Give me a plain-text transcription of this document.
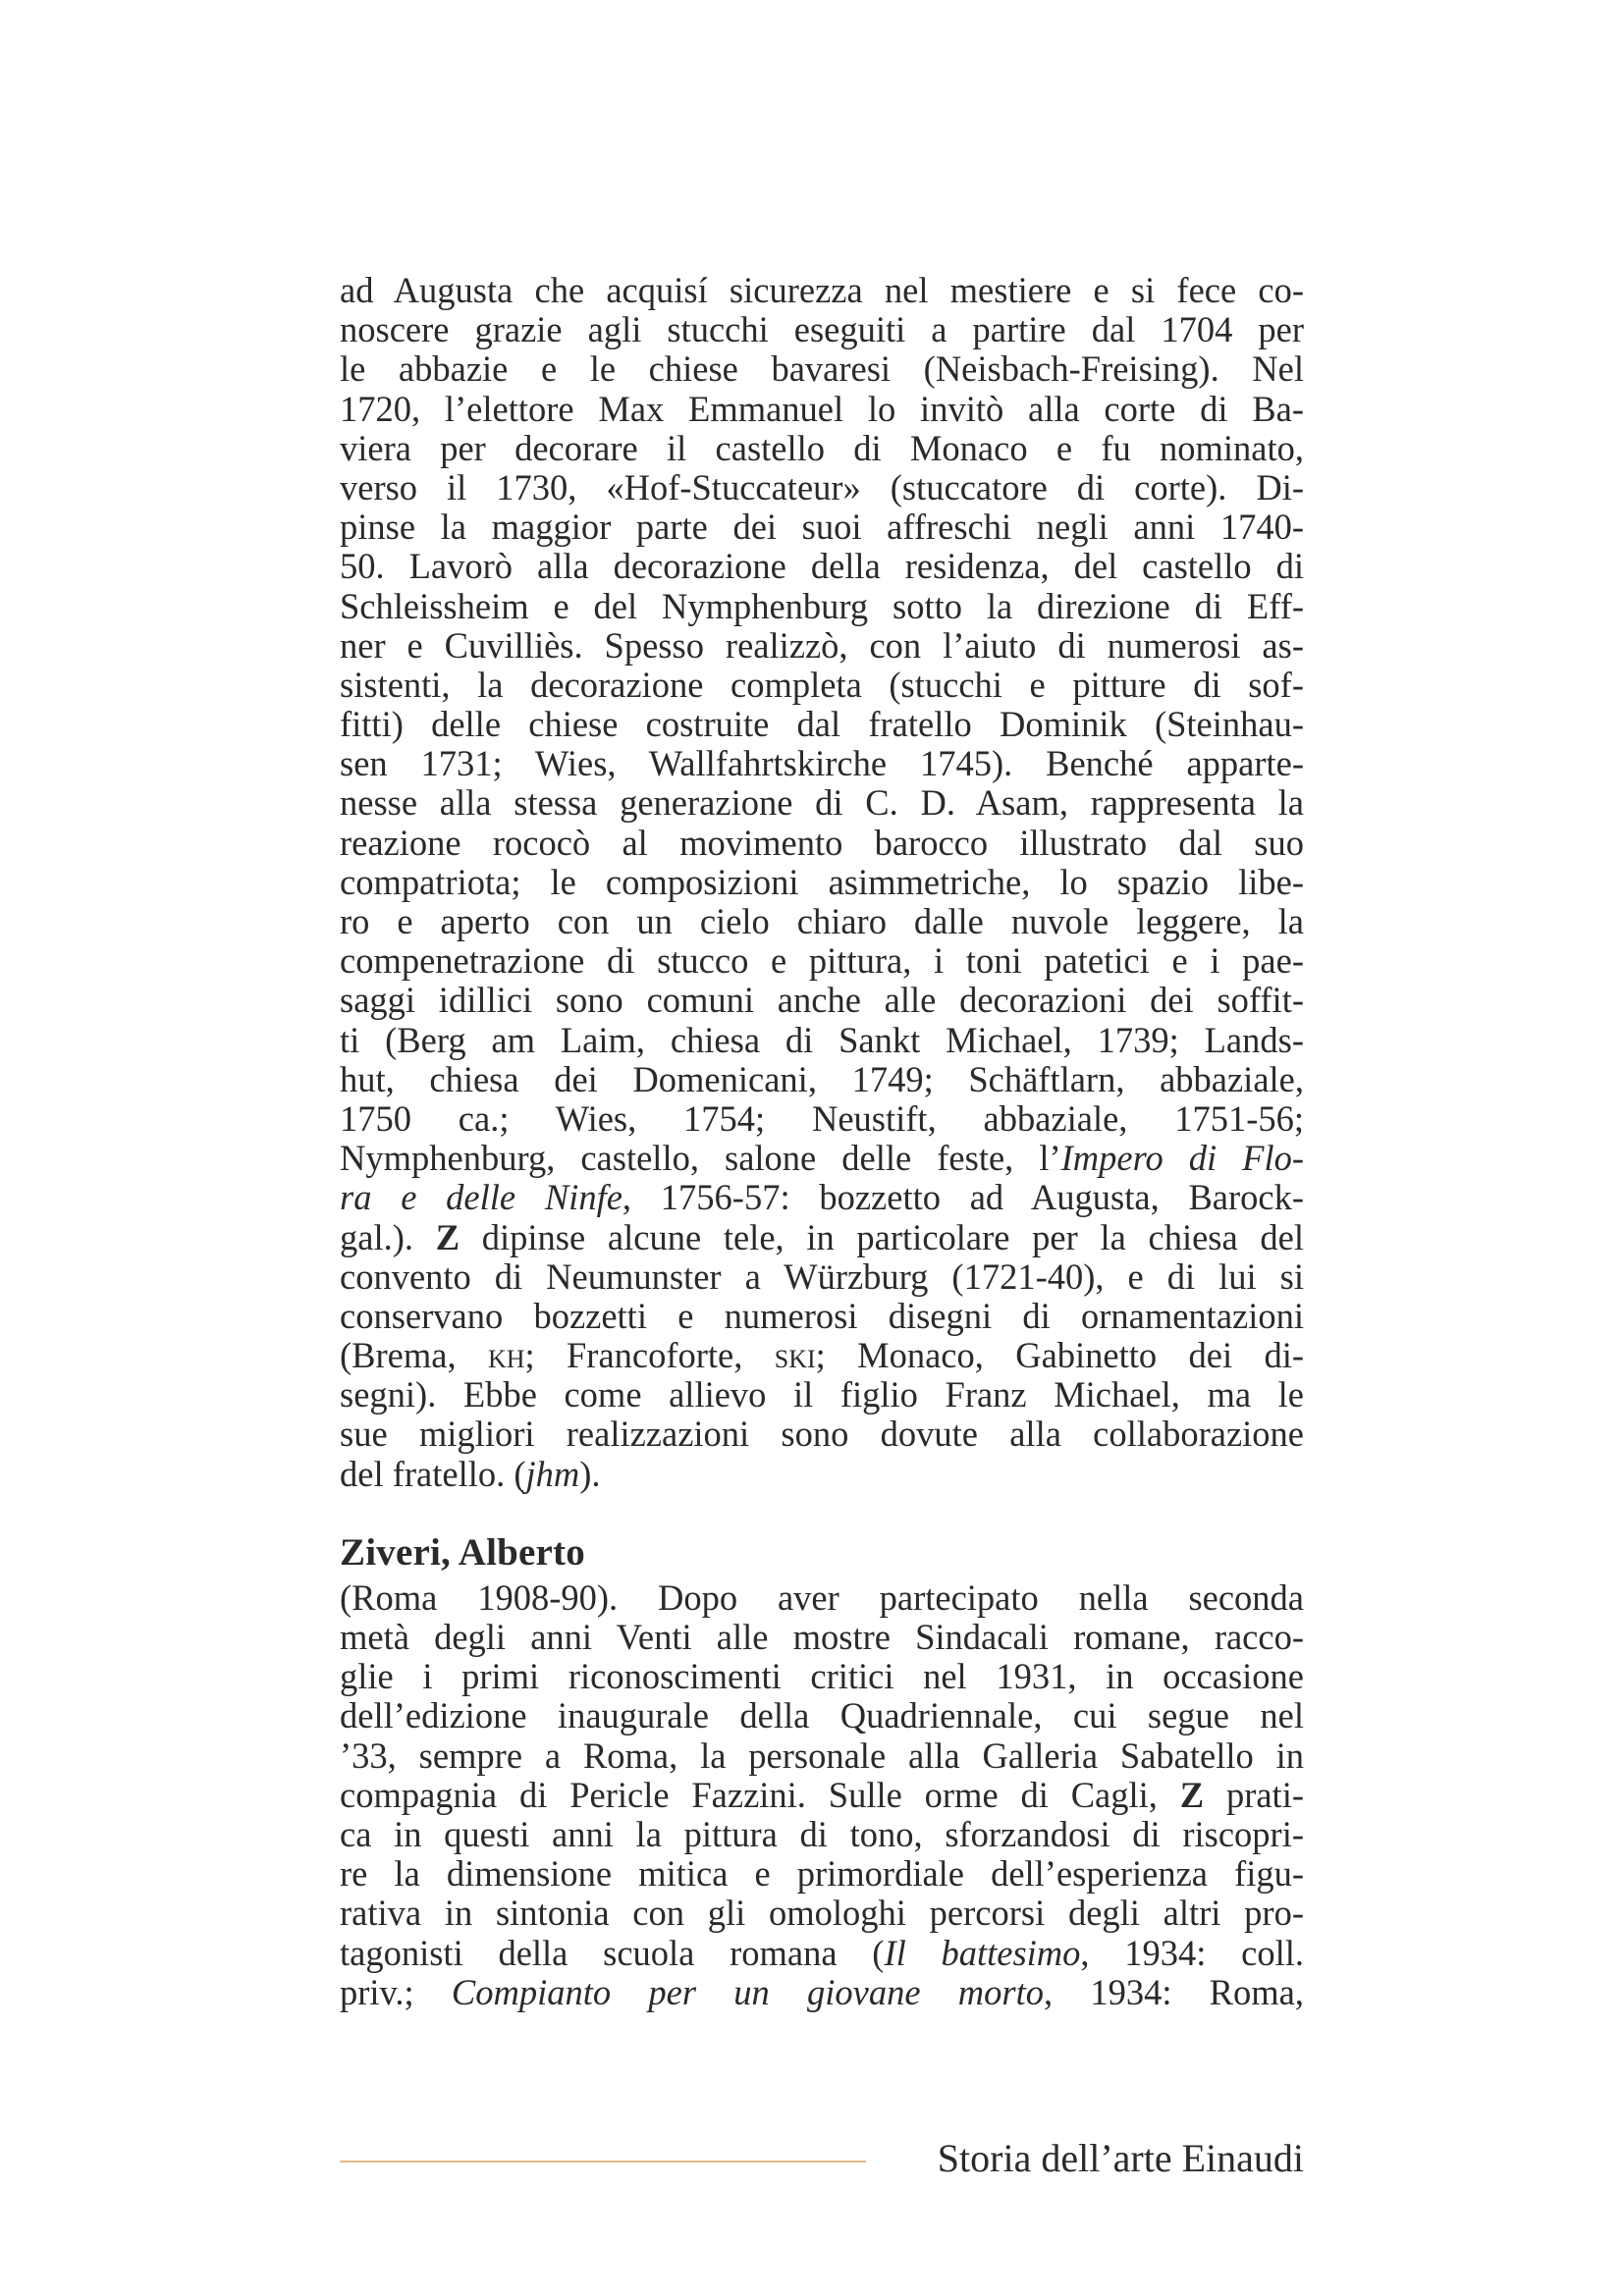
ad Augusta che acquisí sicurezza nel mestiere e si fece co-
noscere grazie agli stucchi eseguiti a partire dal 1704 per
le abbazie e le chiese bavaresi (Neisbach-Freising). Nel
1720, l’elettore Max Emmanuel lo invitò alla corte di Ba-
viera per decorare il castello di Monaco e fu nominato,
verso il 1730, «Hof-Stuccateur» (stuccatore di corte). Di-
pinse la maggior parte dei suoi affreschi negli anni 1740-
50. Lavorò alla decorazione della residenza, del castello di
Schleissheim e del Nymphenburg sotto la direzione di Eff-
ner e Cuvilliès. Spesso realizzò, con l’aiuto di numerosi as-
sistenti, la decorazione completa (stucchi e pitture di sof-
fitti) delle chiese costruite dal fratello Dominik (Steinhau-
sen 1731; Wies, Wallfahrtskirche 1745). Benché apparte-
nesse alla stessa generazione di C. D. Asam, rappresenta la
reazione rococò al movimento barocco illustrato dal suo
compatriota; le composizioni asimmetriche, lo spazio libe-
ro e aperto con un cielo chiaro dalle nuvole leggere, la
compenetrazione di stucco e pittura, i toni patetici e i pae-
saggi idillici sono comuni anche alle decorazioni dei soffit-
ti (Berg am Laim, chiesa di Sankt Michael, 1739; Lands-
hut, chiesa dei Domenicani, 1749; Schäftlarn, abbaziale,
1750 ca.; Wies, 1754; Neustift, abbaziale, 1751-56;
Nymphenburg, castello, salone delle feste, l’Impero di Flo-
ra e delle Ninfe, 1756-57: bozzetto ad Augusta, Barock-
gal.). Z dipinse alcune tele, in particolare per la chiesa del
convento di Neumunster a Würzburg (1721-40), e di lui si
conservano bozzetti e numerosi disegni di ornamentazioni
(Brema, kh; Francoforte, ski; Monaco, Gabinetto dei di-
segni). Ebbe come allievo il figlio Franz Michael, ma le
sue migliori realizzazioni sono dovute alla collaborazione
del fratello. (jhm).
Ziveri, Alberto
(Roma 1908-90). Dopo aver partecipato nella seconda
metà degli anni Venti alle mostre Sindacali romane, racco-
glie i primi riconoscimenti critici nel 1931, in occasione
dell’edizione inaugurale della Quadriennale, cui segue nel
’33, sempre a Roma, la personale alla Galleria Sabatello in
compagnia di Pericle Fazzini. Sulle orme di Cagli, Z prati-
ca in questi anni la pittura di tono, sforzandosi di riscopri-
re la dimensione mitica e primordiale dell’esperienza figu-
rativa in sintonia con gli omologhi percorsi degli altri pro-
tagonisti della scuola romana (Il battesimo, 1934: coll.
priv.; Compianto per un giovane morto, 1934: Roma,
Storia dell’arte Einaudi
